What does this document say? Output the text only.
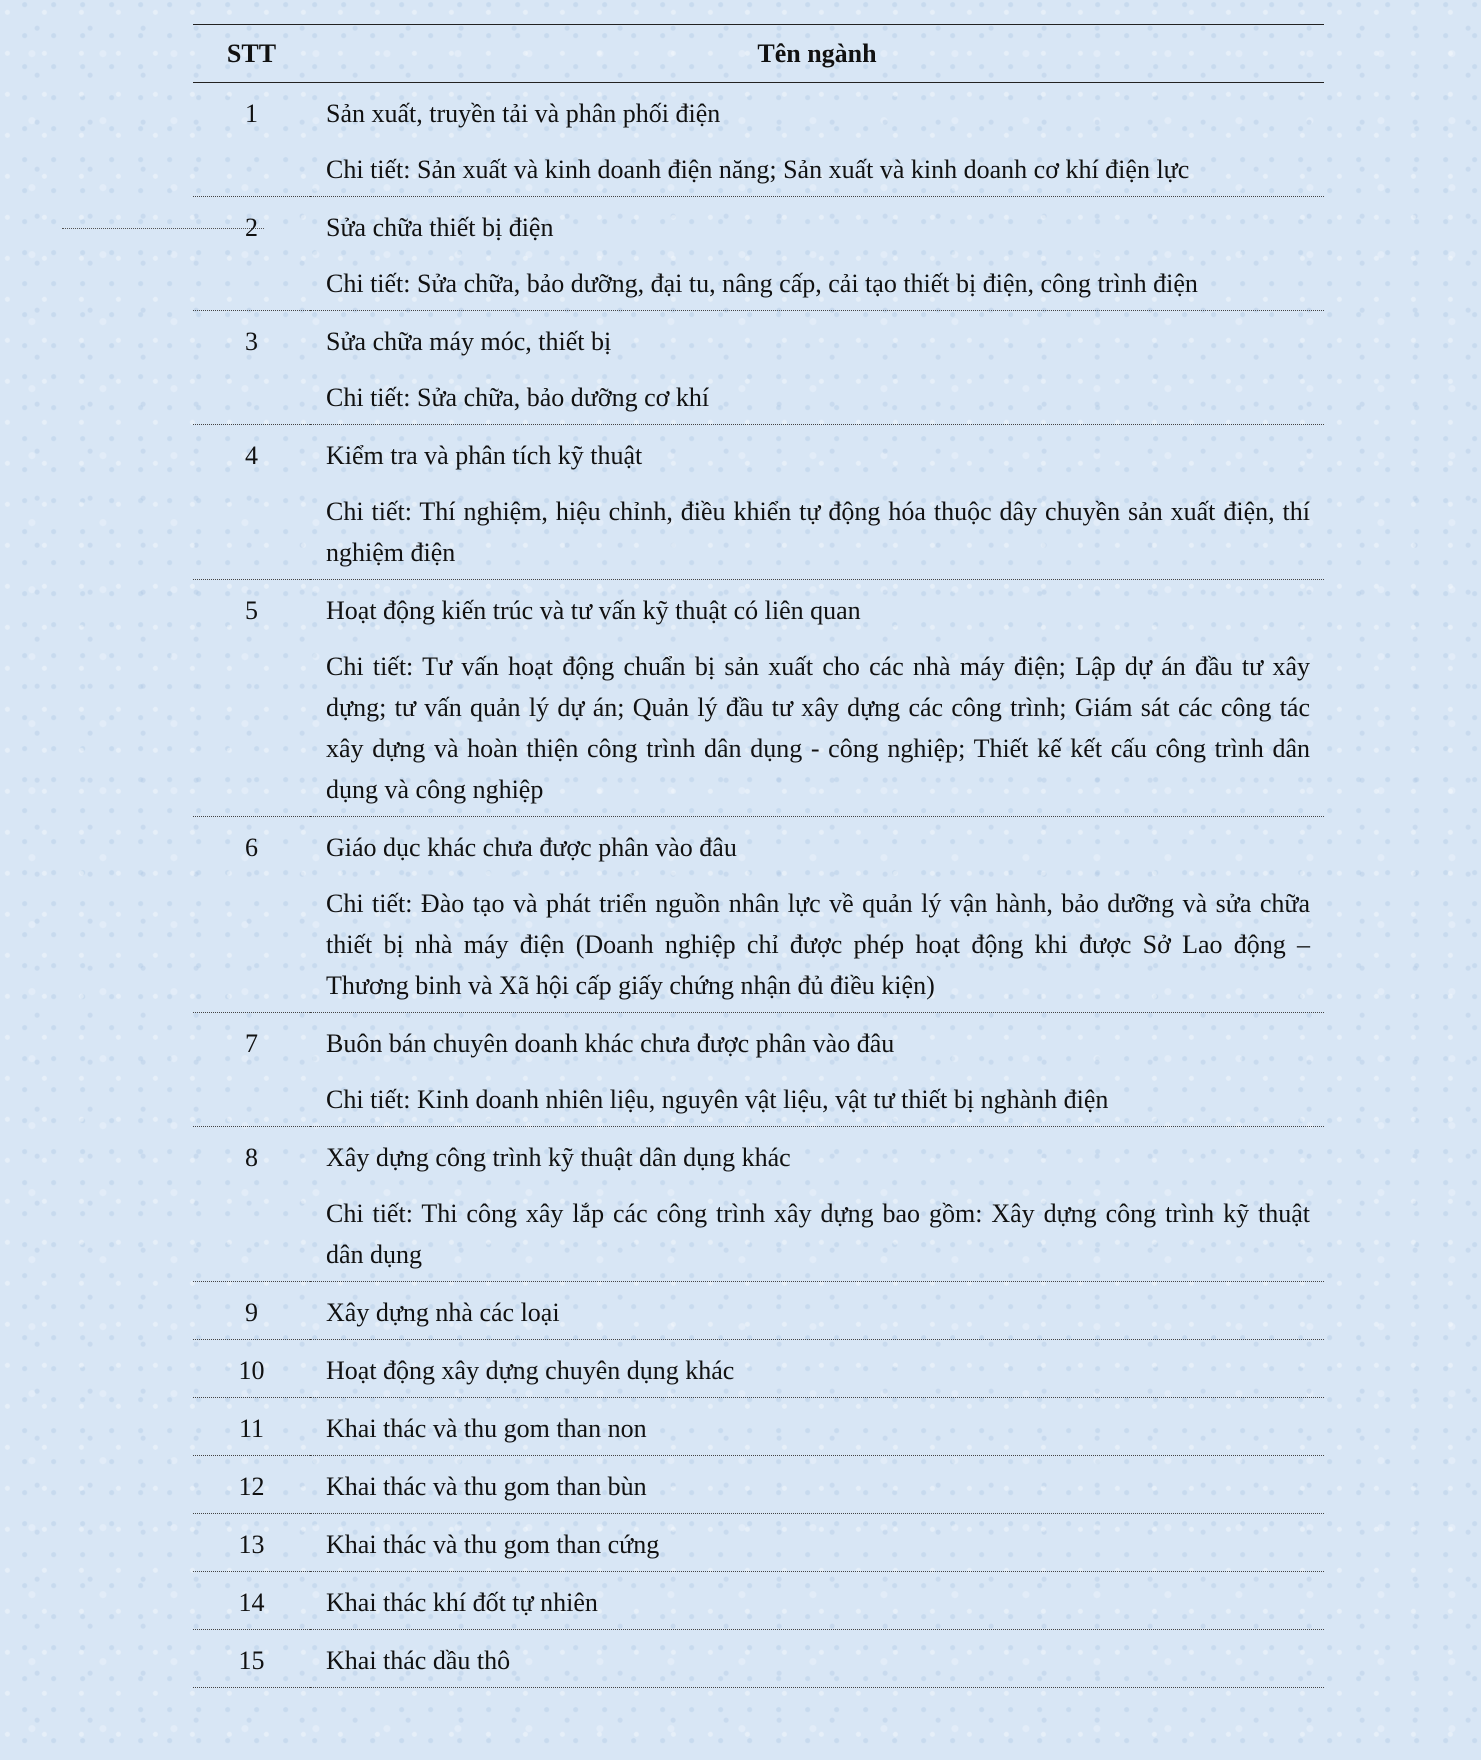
STT	Tên ngành
1	Sản xuất, truyền tải và phân phối điện
Chi tiết: Sản xuất và kinh doanh điện năng; Sản xuất và kinh doanh cơ khí điện lực

2	Sửa chữa thiết bị điện
Chi tiết: Sửa chữa, bảo dưỡng, đại tu, nâng cấp, cải tạo thiết bị điện, công trình điện

3	Sửa chữa máy móc, thiết bị
Chi tiết: Sửa chữa, bảo dưỡng cơ khí

4	Kiểm tra và phân tích kỹ thuật
Chi tiết: Thí nghiệm, hiệu chỉnh, điều khiển tự động hóa thuộc dây chuyền sản xuất điện, thí nghiệm điện

5	Hoạt động kiến trúc và tư vấn kỹ thuật có liên quan
Chi tiết: Tư vấn hoạt động chuẩn bị sản xuất cho các nhà máy điện; Lập dự án đầu tư xây dựng; tư vấn quản lý dự án; Quản lý đầu tư xây dựng các công trình; Giám sát các công tác xây dựng và hoàn thiện công trình dân dụng - công nghiệp; Thiết kế kết cấu công trình dân dụng và công nghiệp

6	Giáo dục khác chưa được phân vào đâu
Chi tiết: Đào tạo và phát triển nguồn nhân lực về quản lý vận hành, bảo dưỡng và sửa chữa thiết bị nhà máy điện (Doanh nghiệp chỉ được phép hoạt động khi được Sở Lao động – Thương binh và Xã hội cấp giấy chứng nhận đủ điều kiện)

7	Buôn bán chuyên doanh khác chưa được phân vào đâu
Chi tiết: Kinh doanh nhiên liệu, nguyên vật liệu, vật tư thiết bị nghành điện

8	Xây dựng công trình kỹ thuật dân dụng khác
Chi tiết: Thi công xây lắp các công trình xây dựng bao gồm: Xây dựng công trình kỹ thuật dân dụng

9	Xây dựng nhà các loại

10	Hoạt động xây dựng chuyên dụng khác

11	Khai thác và thu gom than non

12	Khai thác và thu gom than bùn

13	Khai thác và thu gom than cứng

14	Khai thác khí đốt tự nhiên

15	Khai thác dầu thô
